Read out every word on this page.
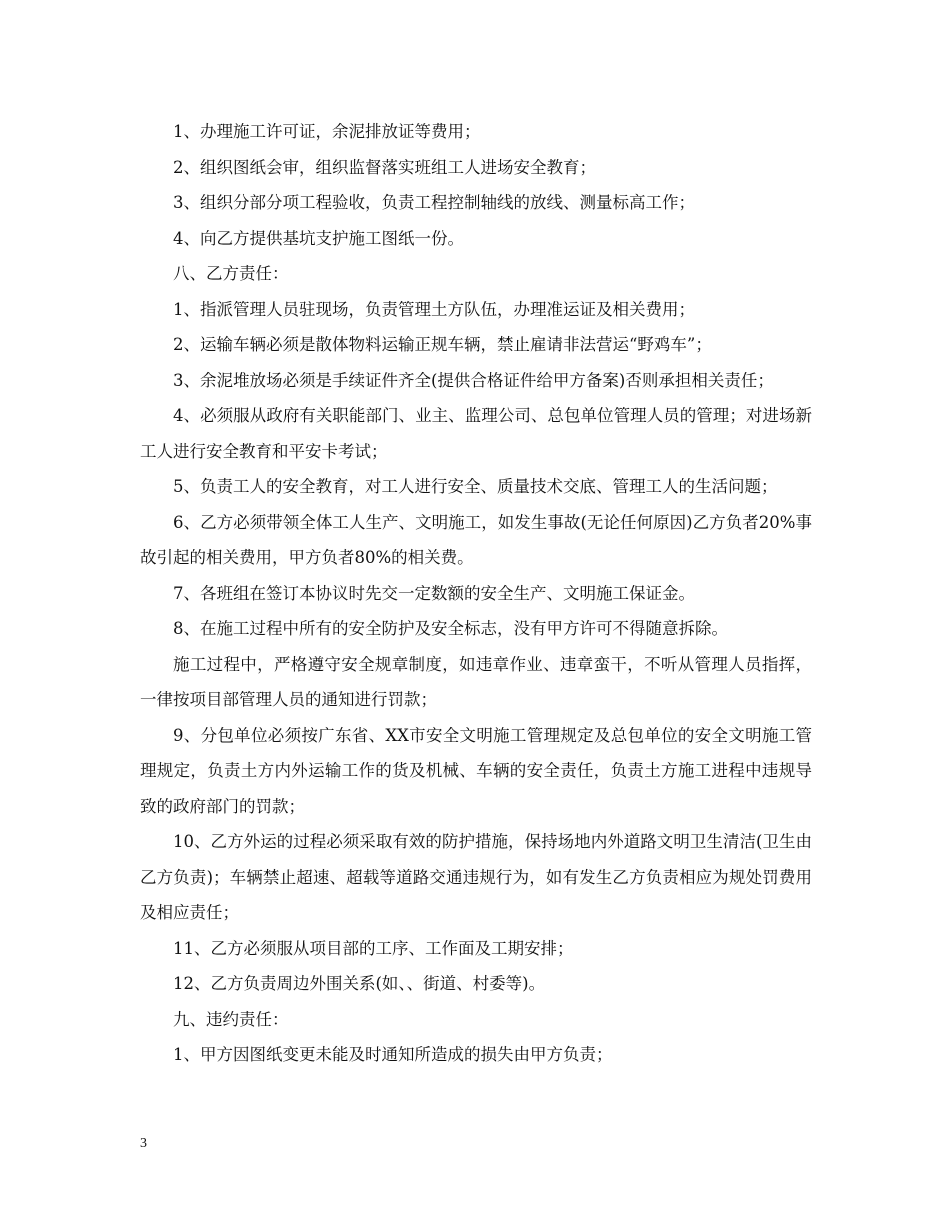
1、办理施工许可证，余泥排放证等费用；

2、组织图纸会审，组织监督落实班组工人进场安全教育；

3、组织分部分项工程验收，负责工程控制轴线的放线、测量标高工作；

4、向乙方提供基坑支护施工图纸一份。

八、乙方责任：

1、指派管理人员驻现场，负责管理土方队伍，办理准运证及相关费用；

2、运输车辆必须是散体物料运输正规车辆，禁止雇请非法营运“野鸡车”；

3、余泥堆放场必须是手续证件齐全(提供合格证件给甲方备案)否则承担相关责任；

4、必须服从政府有关职能部门、业主、监理公司、总包单位管理人员的管理；对进场新工人进行安全教育和平安卡考试；

5、负责工人的安全教育，对工人进行安全、质量技术交底、管理工人的生活问题；

6、乙方必须带领全体工人生产、文明施工，如发生事故(无论任何原因)乙方负者20%事故引起的相关费用，甲方负者80%的相关费。

7、各班组在签订本协议时先交一定数额的安全生产、文明施工保证金。

8、在施工过程中所有的安全防护及安全标志，没有甲方许可不得随意拆除。

施工过程中，严格遵守安全规章制度，如违章作业、违章蛮干，不听从管理人员指挥，一律按项目部管理人员的通知进行罚款；

9、分包单位必须按广东省、XX市安全文明施工管理规定及总包单位的安全文明施工管理规定，负责土方内外运输工作的货及机械、车辆的安全责任，负责土方施工进程中违规导致的政府部门的罚款；

10、乙方外运的过程必须采取有效的防护措施，保持场地内外道路文明卫生清洁(卫生由乙方负责)；车辆禁止超速、超载等道路交通违规行为，如有发生乙方负责相应为规处罚费用及相应责任；

11、乙方必须服从项目部的工序、工作面及工期安排；

12、乙方负责周边外围关系(如、、街道、村委等)。

九、违约责任：

1、甲方因图纸变更未能及时通知所造成的损失由甲方负责；

3
